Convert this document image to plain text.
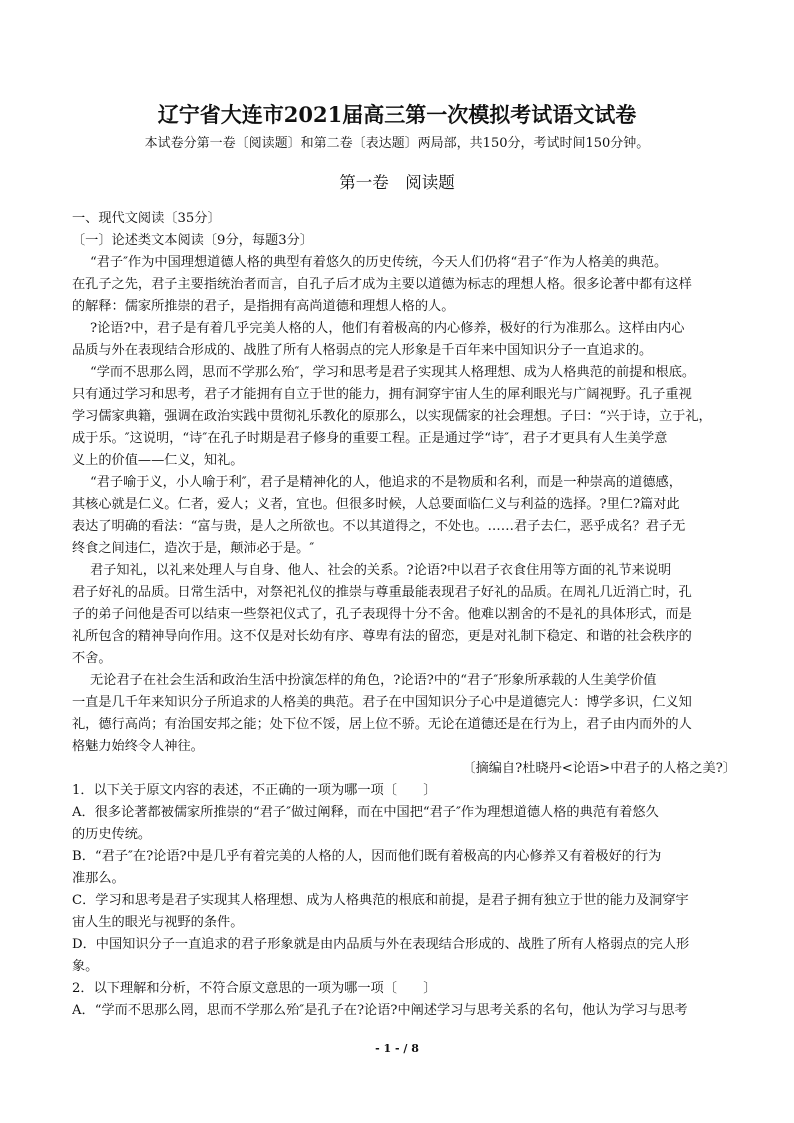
辽宁省大连市2021届高三第一次模拟考试语文试卷
本试卷分第一卷〔阅读题〕和第二卷〔表达题〕两局部，共150分，考试时间150分钟。
第一卷　阅读题
一、现代文阅读〔35分〕
〔一〕论述类文本阅读〔9分，每题3分〕
“君子″作为中国理想道德人格的典型有着悠久的历史传统，今天人们仍将“君子″作为人格美的典范。
在孔子之先，君子主要指统治者而言，自孔子后才成为主要以道德为标志的理想人格。很多论著中都有这样
的解释：儒家所推崇的君子，是指拥有高尚道德和理想人格的人。
?论语?中，君子是有着几乎完美人格的人，他们有着极高的内心修养，极好的行为准那么。这样由内心
品质与外在表现结合形成的、战胜了所有人格弱点的完人形象是千百年来中国知识分子一直追求的。
“学而不思那么罔，思而不学那么殆″，学习和思考是君子实现其人格理想、成为人格典范的前提和根底。
只有通过学习和思考，君子才能拥有自立于世的能力，拥有洞穿宇宙人生的犀利眼光与广阔视野。孔子重视
学习儒家典籍，强调在政治实践中贯彻礼乐教化的原那么，以实现儒家的社会理想。子曰：“兴于诗，立于礼，
成于乐。″这说明，“诗″在孔子时期是君子修身的重要工程。正是通过学“诗″，君子才更具有人生美学意
义上的价值——仁义，知礼。
“君子喻于义，小人喻于利″，君子是精神化的人，他追求的不是物质和名利，而是一种崇高的道德感，
其核心就是仁义。仁者，爱人；义者，宜也。但很多时候，人总要面临仁义与利益的选择。?里仁?篇对此
表达了明确的看法：“富与贵，是人之所欲也。不以其道得之，不处也。……君子去仁，恶乎成名？君子无
终食之间违仁，造次于是，颠沛必于是。″
君子知礼，以礼来处理人与自身、他人、社会的关系。?论语?中以君子衣食住用等方面的礼节来说明
君子好礼的品质。日常生活中，对祭祀礼仪的推崇与尊重最能表现君子好礼的品质。在周礼几近消亡时，孔
子的弟子问他是否可以结束一些祭祀仪式了，孔子表现得十分不舍。他难以割舍的不是礼的具体形式，而是
礼所包含的精神导向作用。这不仅是对长幼有序、尊卑有法的留恋，更是对礼制下稳定、和谐的社会秩序的
不舍。
无论君子在社会生活和政治生活中扮演怎样的角色，?论语?中的“君子″形象所承载的人生美学价值
一直是几千年来知识分子所追求的人格美的典范。君子在中国知识分子心中是道德完人：博学多识，仁义知
礼，德行高尚；有治国安邦之能；处下位不馁，居上位不骄。无论在道德还是在行为上，君子由内而外的人
格魅力始终令人神往。
〔摘编自?杜晓丹<论语>中君子的人格之美?〕
1．以下关于原文内容的表述，不正确的一项为哪一项〔　　〕
A．很多论著都被儒家所推崇的“君子″做过阐释，而在中国把“君子″作为理想道德人格的典范有着悠久
的历史传统。
B．“君子″在?论语?中是几乎有着完美的人格的人，因而他们既有着极高的内心修养又有着极好的行为
准那么。
C．学习和思考是君子实现其人格理想、成为人格典范的根底和前提，是君子拥有独立于世的能力及洞穿宇
宙人生的眼光与视野的条件。
D．中国知识分子一直追求的君子形象就是由内品质与外在表现结合形成的、战胜了所有人格弱点的完人形
象。
2．以下理解和分析，不符合原文意思的一项为哪一项〔　　〕
A．“学而不思那么罔，思而不学那么殆″是孔子在?论语?中阐述学习与思考关系的名句，他认为学习与思考
- 1 - / 8
